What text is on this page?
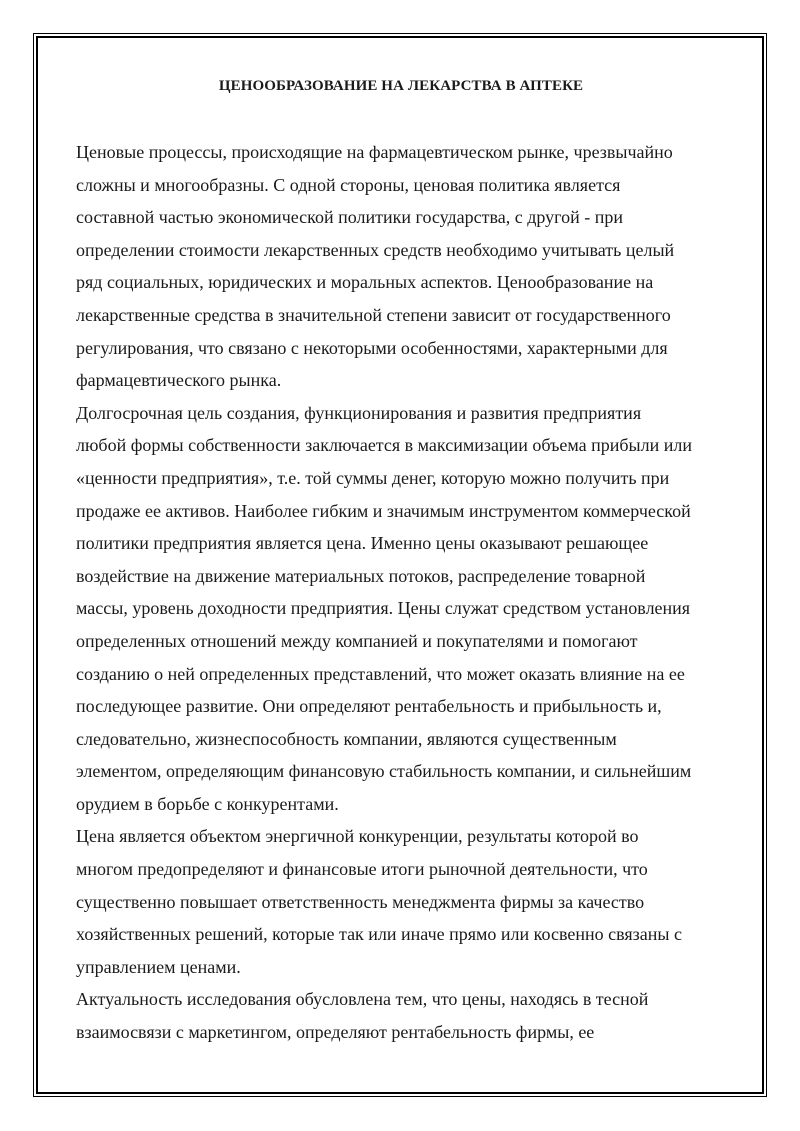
ЦЕНООБРАЗОВАНИЕ НА ЛЕКАРСТВА В АПТЕКЕ

Ценовые процессы, происходящие на фармацевтическом рынке, чрезвычайно
сложны и многообразны. С одной стороны, ценовая политика является
составной частью экономической политики государства, с другой - при
определении стоимости лекарственных средств необходимо учитывать целый
ряд социальных, юридических и моральных аспектов. Ценообразование на
лекарственные средства в значительной степени зависит от государственного
регулирования, что связано с некоторыми особенностями, характерными для
фармацевтического рынка.

Долгосрочная цель создания, функционирования и развития предприятия
любой формы собственности заключается в максимизации объема прибыли или
«ценности предприятия», т.е. той суммы денег, которую можно получить при
продаже ее активов. Наиболее гибким и значимым инструментом коммерческой
политики предприятия является цена. Именно цены оказывают решающее
воздействие на движение материальных потоков, распределение товарной
массы, уровень доходности предприятия. Цены служат средством установления
определенных отношений между компанией и покупателями и помогают
созданию о ней определенных представлений, что может оказать влияние на ее
последующее развитие. Они определяют рентабельность и прибыльность и,
следовательно, жизнеспособность компании, являются существенным
элементом, определяющим финансовую стабильность компании, и сильнейшим
орудием в борьбе с конкурентами.

Цена является объектом энергичной конкуренции, результаты которой во
многом предопределяют и финансовые итоги рыночной деятельности, что
существенно повышает ответственность менеджмента фирмы за качество
хозяйственных решений, которые так или иначе прямо или косвенно связаны с
управлением ценами.

Актуальность исследования обусловлена тем, что цены, находясь в тесной
взаимосвязи с маркетингом, определяют рентабельность фирмы, ее
